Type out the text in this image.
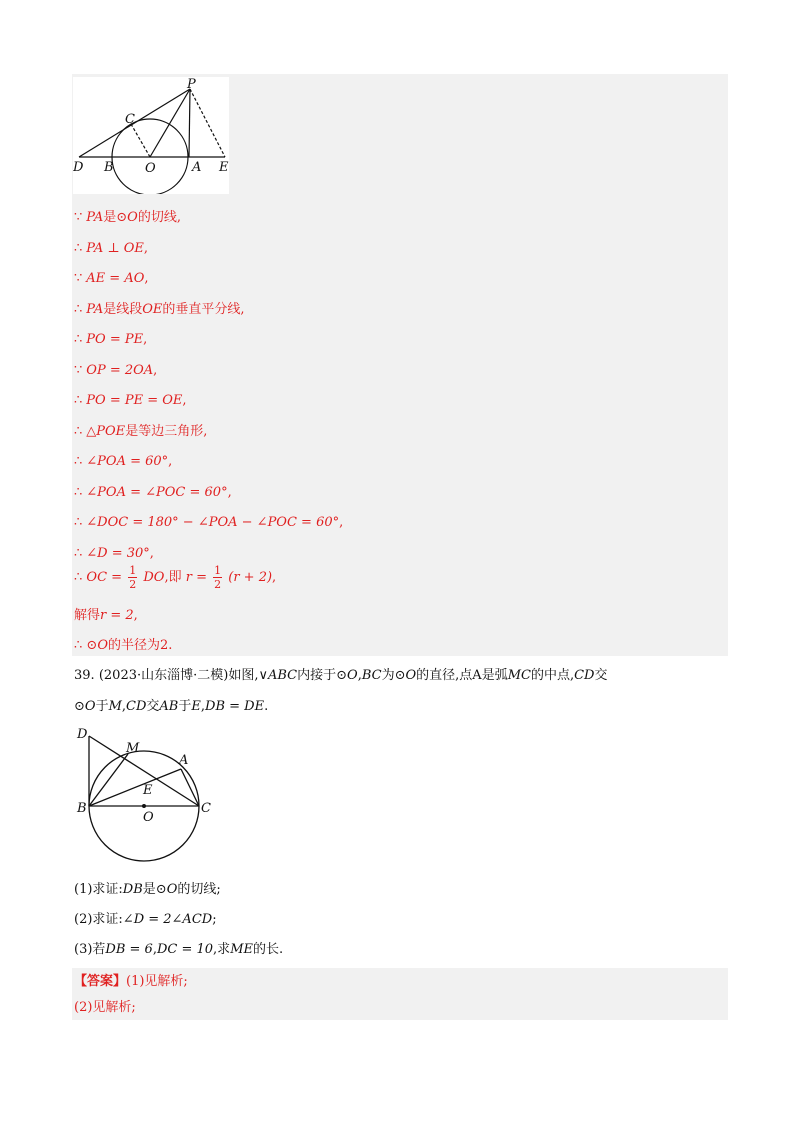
P
C
D B O	A E
∵ PA是⊙O的切线,
∴ PA ⊥ OE,
∵ AE = AO,
∴ PA是线段OE的垂直平分线,
∴ PO = PE,
∵ OP = 2OA,
∴ PO = PE = OE,
∴ △POE是等边三角形,
∴ ∠POA = 60°,
∴ ∠POA = ∠POC = 60°,
∴ ∠DOC = 180° − ∠POA − ∠POC = 60°,
∴ ∠D = 30°,
∴ OC = $\frac{1}{2}$ DO,即 $r = \frac{1}{2} (r + 2)$,
解得r = 2,
∴ ⊙O的半径为2.
39. (2023·山东淄博·二模)如图,∨ABC内接于⊙O,BC为⊙O的直径,点A是弧MC的中点,CD交
⊙O于M,CD交AB于E,DB = DE.
D
M
A
E
B
O
C
(1)求证:DB是⊙O的切线;
(2)求证:∠D = 2∠ACD;
(3)若DB = 6,DC = 10,求ME的长.
【答案】(1)见解析;
(2)见解析;
